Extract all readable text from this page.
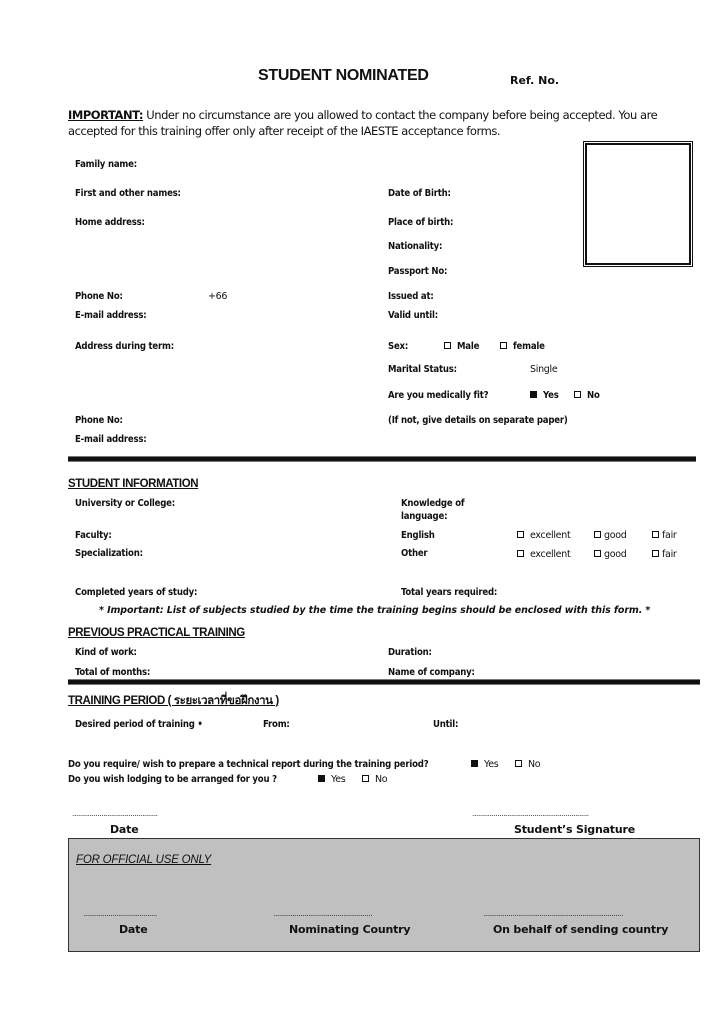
STUDENT NOMINATED	Ref. No.
IMPORTANT: Under no circumstance are you allowed to contact the company before being accepted. You are accepted for this training offer only after receipt of the IAESTE acceptance forms.
Family name:
First and other names:
Home address:
Phone No:	+66
E-mail address:
Address during term:
Phone No:
E-mail address:
Date of Birth:
Place of birth:
Nationality:
Passport No:
Issued at:
Valid until:
Sex:	Male	female
Marital Status:	Single
Are you medically fit?	Yes	No
(If not, give details on separate paper)
STUDENT INFORMATION
University or College:
Faculty:
Specialization:
Completed years of study:
Knowledge of
language:
English	excellent	good	fair
Other	excellent	good	fair
Total years required:
* Important: List of subjects studied by the time the training begins should be enclosed with this form. *
PREVIOUS PRACTICAL TRAINING
Kind of work:
Total of months:
Duration:
Name of company:
TRAINING PERIOD ( ระยะเวลาที่ขอฝึกงาน )
Desired period of training •	From:	Until:
Do you require/ wish to prepare a technical report during the training period?	Yes	No
Do you wish lodging to be arranged for you ?	Yes	No
............................................
Date
............................................................
Student’s Signature
FOR OFFICIAL USE ONLY
......................................
Date
...................................................
Nominating Country
........................................................................
On behalf of sending country
